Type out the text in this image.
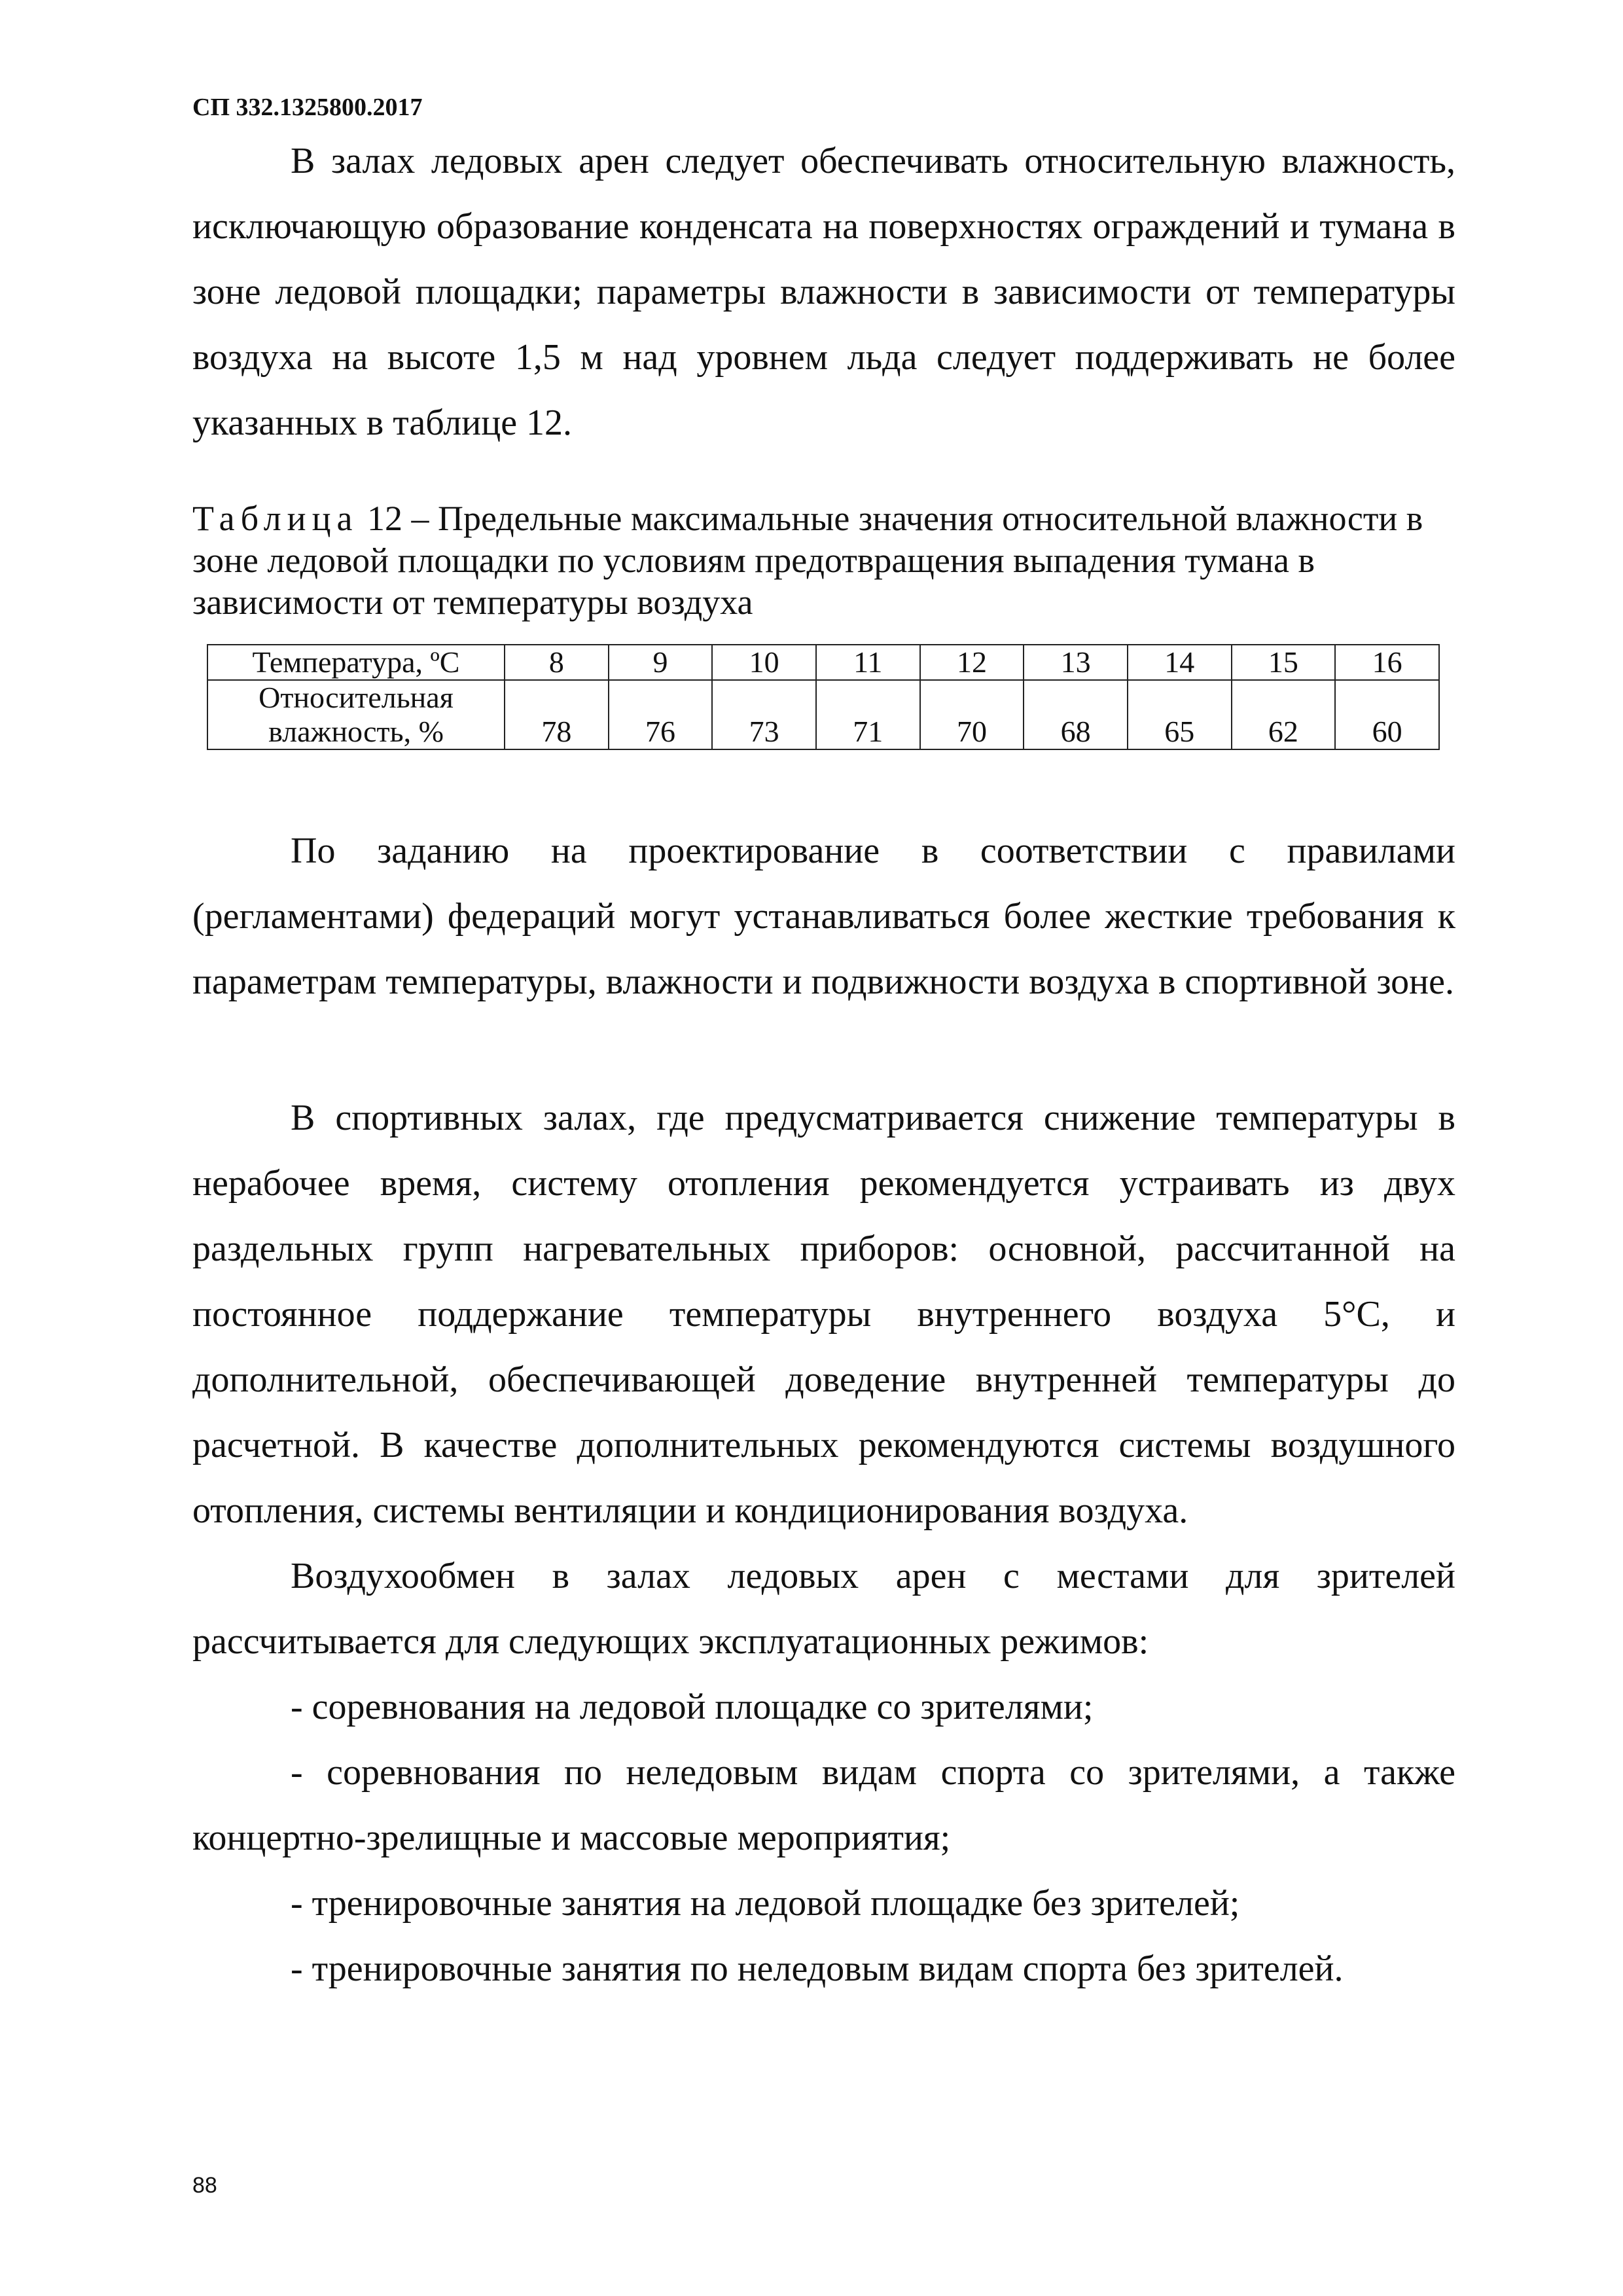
СП 332.1325800.2017

В залах ледовых арен следует обеспечивать относительную влажность, исключающую образование конденсата на поверхностях ограждений и тумана в зоне ледовой площадки; параметры влажности в зависимости от температуры воздуха на высоте 1,5 м над уровнем льда следует поддерживать не более указанных в таблице 12.

Таблица 12 – Предельные максимальные значения относительной влажности в зоне ледовой площадки по условиям предотвращения выпадения тумана в зависимости от температуры воздуха
Температура, ºC	8	9	10	11	12	13	14	15	16
Относительная
влажность, %	78	76	73	71	70	68	65	62	60

По заданию на проектирование в соответствии с правилами (регламентами) федераций могут устанавливаться более жесткие требования к параметрам температуры, влажности и подвижности воздуха в спортивной зоне.

В спортивных залах, где предусматривается снижение температуры в нерабочее время, систему отопления рекомендуется устраивать из двух раздельных групп нагревательных приборов: основной, рассчитанной на постоянное поддержание температуры внутреннего воздуха 5°C, и дополнительной, обеспечивающей доведение внутренней температуры до расчетной. В качестве дополнительных рекомендуются системы воздушного отопления, системы вентиляции и кондиционирования воздуха.

Воздухообмен в залах ледовых арен с местами для зрителей рассчитывается для следующих эксплуатационных режимов:

- соревнования на ледовой площадке со зрителями;

- соревнования по неледовым видам спорта со зрителями, а также концертно-зрелищные и массовые мероприятия;

- тренировочные занятия на ледовой площадке без зрителей;

- тренировочные занятия по неледовым видам спорта без зрителей.

88
